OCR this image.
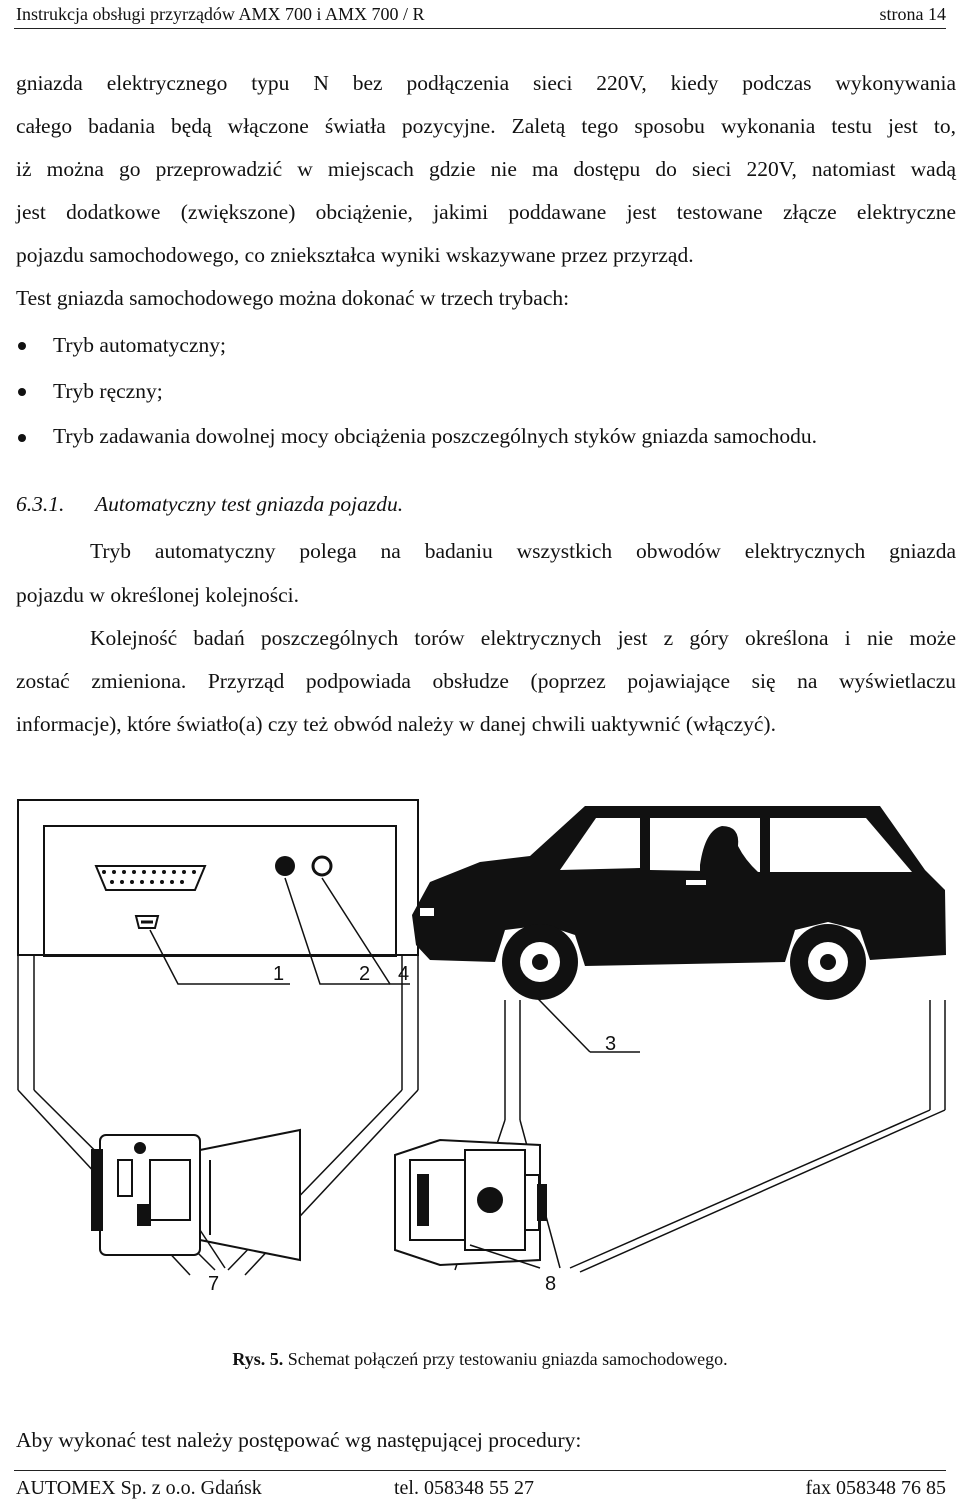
Instrukcja obsługi przyrządów AMX 700 i AMX 700 / R	strona 14
gniazda elektrycznego typu N bez podłączenia sieci 220V, kiedy podczas wykonywania
całego badania będą włączone światła pozycyjne. Zaletą tego sposobu wykonania testu jest to,
iż można go przeprowadzić w miejscach gdzie nie ma dostępu do sieci 220V, natomiast wadą
jest dodatkowe (zwiększone) obciążenie, jakimi poddawane jest testowane złącze elektryczne
pojazdu samochodowego, co zniekształca wyniki wskazywane przez przyrząd.
Test gniazda samochodowego można dokonać w trzech trybach:
Tryb automatyczny;
Tryb ręczny;
Tryb zadawania dowolnej mocy obciążenia poszczególnych styków gniazda samochodu.
6.3.1. Automatyczny test gniazda pojazdu.
Tryb automatyczny polega na badaniu wszystkich obwodów elektrycznych gniazda
pojazdu w określonej kolejności.
Kolejność badań poszczególnych torów elektrycznych jest z góry określona i nie może
zostać zmieniona. Przyrząd podpowiada obsłudze (poprzez pojawiające się na wyświetlaczu
informacje), które światło(a) czy też obwód należy w danej chwili uaktywnić (włączyć).
1	2 4
3
7	8
Rys. 5. Schemat połączeń przy testowaniu gniazda samochodowego.
Aby wykonać test należy postępować wg następującej procedury:
AUTOMEX Sp. z o.o. Gdańsk	tel. 058348 55 27	fax 058348 76 85
